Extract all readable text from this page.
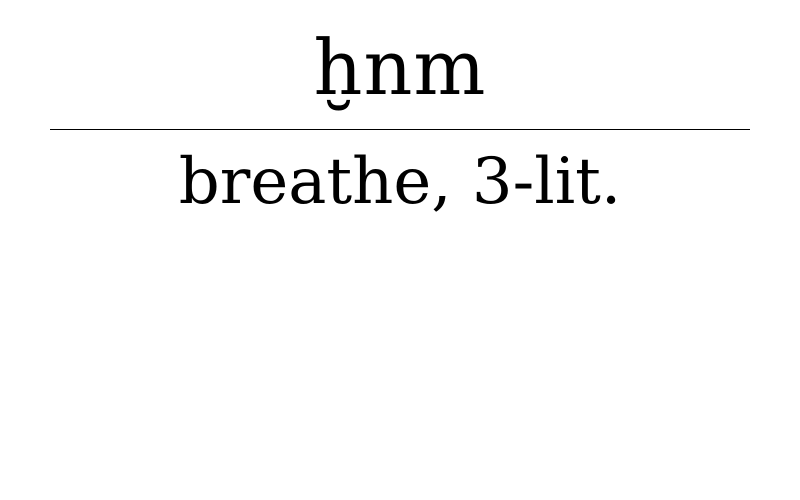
ḫnm
breathe, 3-lit.
